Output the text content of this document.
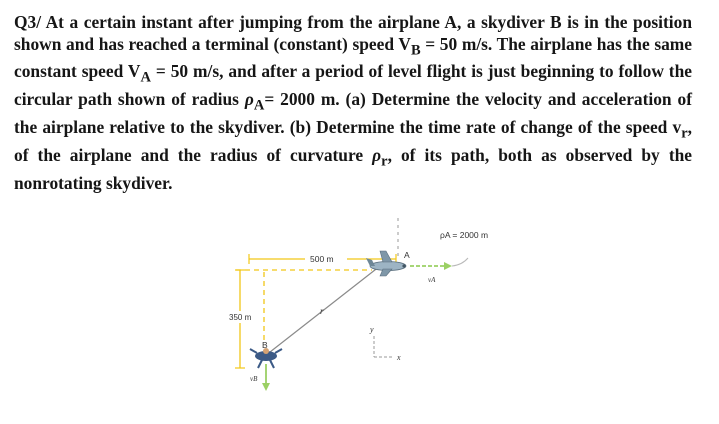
Q3/ At a certain instant after jumping from the airplane A, a skydiver B is in the position shown and has reached a terminal (constant) speed $V_B = 50$ m/s. The airplane has the same constant speed $V_A = 50$ m/s, and after a period of level flight is just beginning to follow the circular path shown of radius $\rho_A= 2000$ m. (a) Determine the velocity and acceleration of the airplane relative to the skydiver. (b) Determine the time rate of change of the speed $v_r$, of the airplane and the radius of curvature $\rho_r$, of its path, both as observed by the nonrotating skydiver.

ρA = 2000 m
500 m
350 m
r
A
vA
B
vB
y
x
